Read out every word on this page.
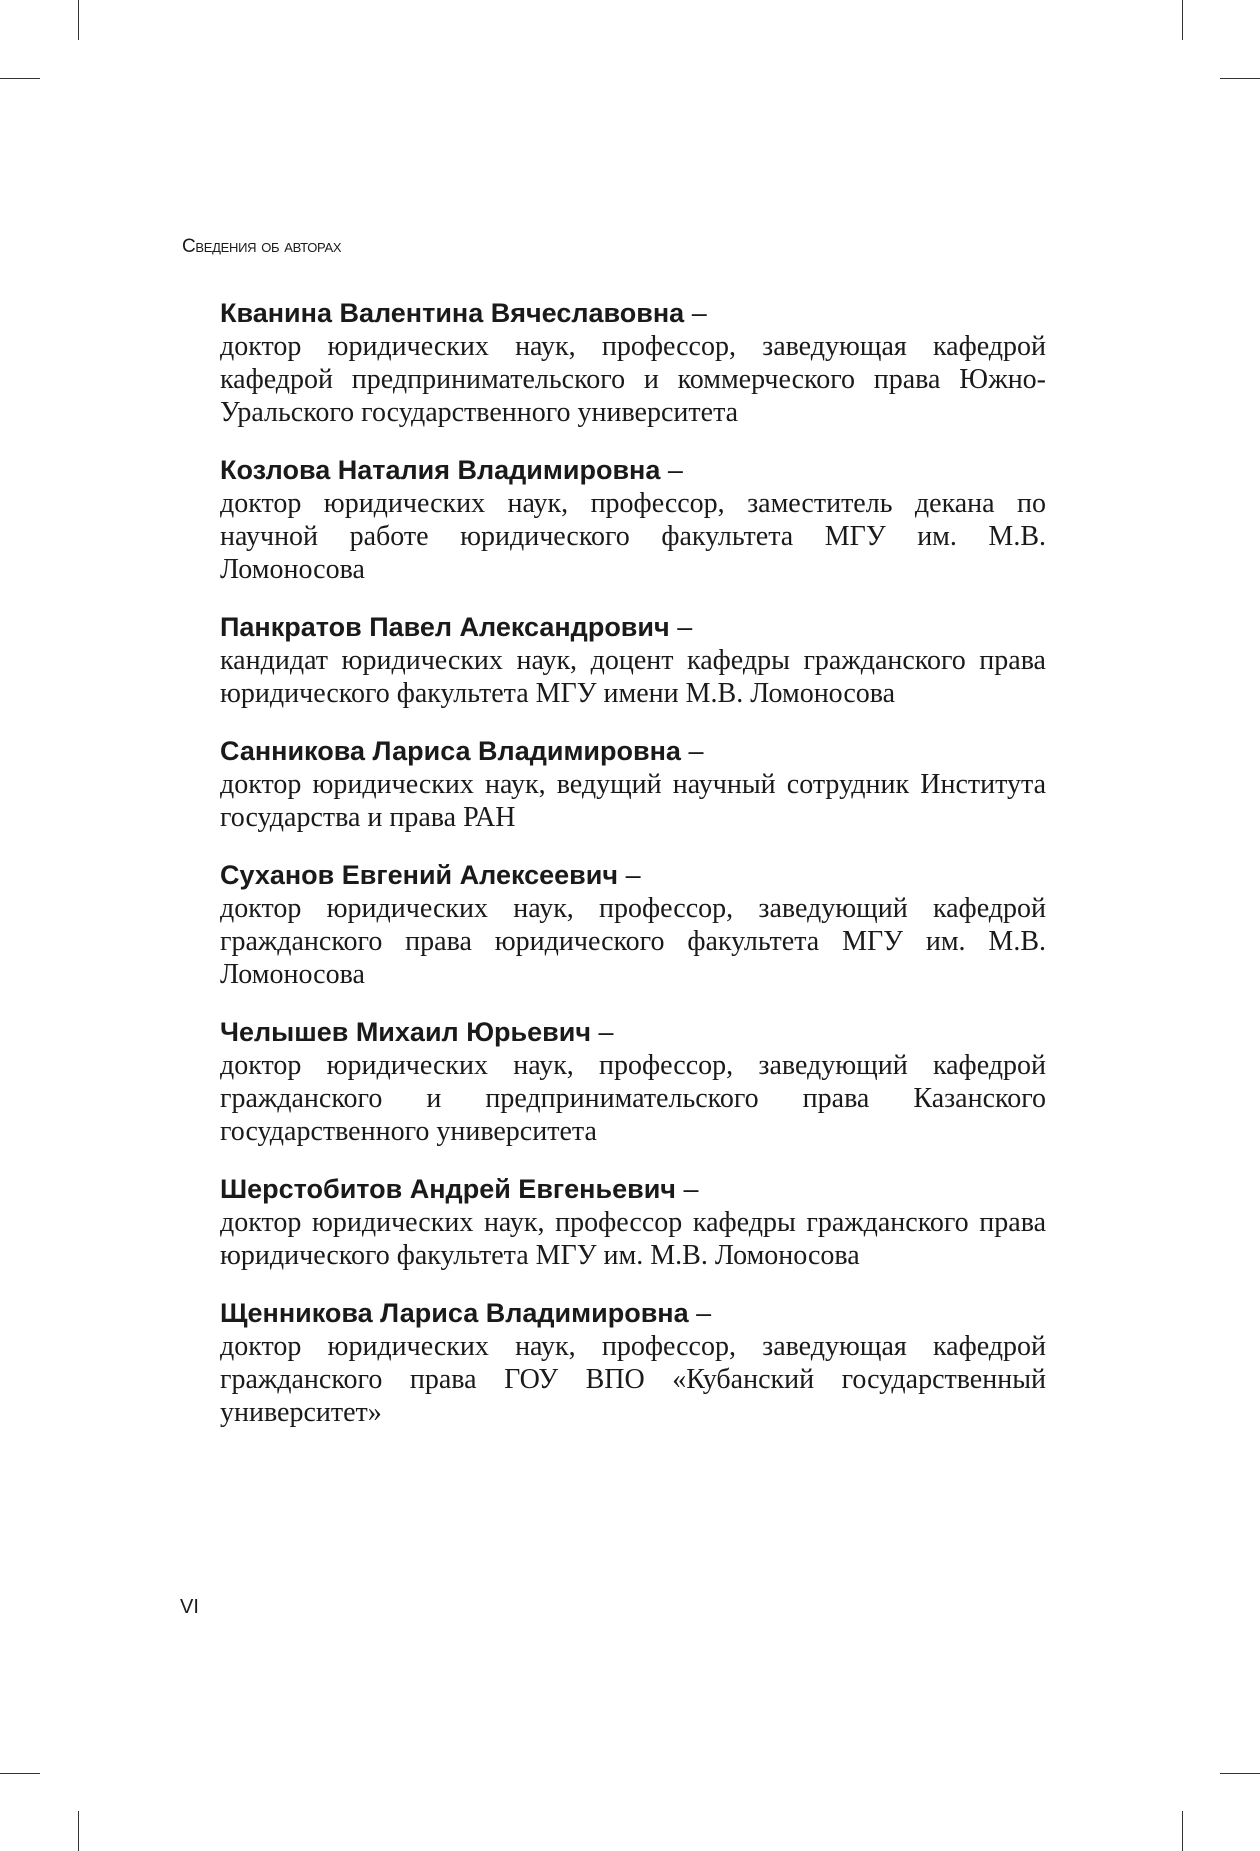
Сведения об авторах
Кванина Валентина Вячеславовна –

доктор юридических наук, профессор, заведующая кафедрой кафедрой предпринимательского и коммерческого права Южно-Уральского государственного университета

Козлова Наталия Владимировна –

доктор юридических наук, профессор, заместитель декана по научной работе юридического факультета МГУ им. М.В. Ломоносова

Панкратов Павел Александрович –

кандидат юридических наук, доцент кафедры гражданского права юридического факультета МГУ имени М.В. Ломоносова

Санникова Лариса Владимировна –

доктор юридических наук, ведущий научный сотрудник Института государства и права РАН

Суханов Евгений Алексеевич –

доктор юридических наук, профессор, заведующий кафедрой гражданского права юридического факультета МГУ им. М.В. Ломоносова

Челышев Михаил Юрьевич –

доктор юридических наук, профессор, заведующий кафедрой гражданского и предпринимательского права Казанского государственного университета

Шерстобитов Андрей Евгеньевич –

доктор юридических наук, профессор кафедры гражданского права юридического факультета МГУ им. М.В. Ломоносова

Щенникова Лариса Владимировна –

доктор юридических наук, профессор, заведующая кафедрой гражданского права ГОУ ВПО «Кубанский государственный университет»

VI
